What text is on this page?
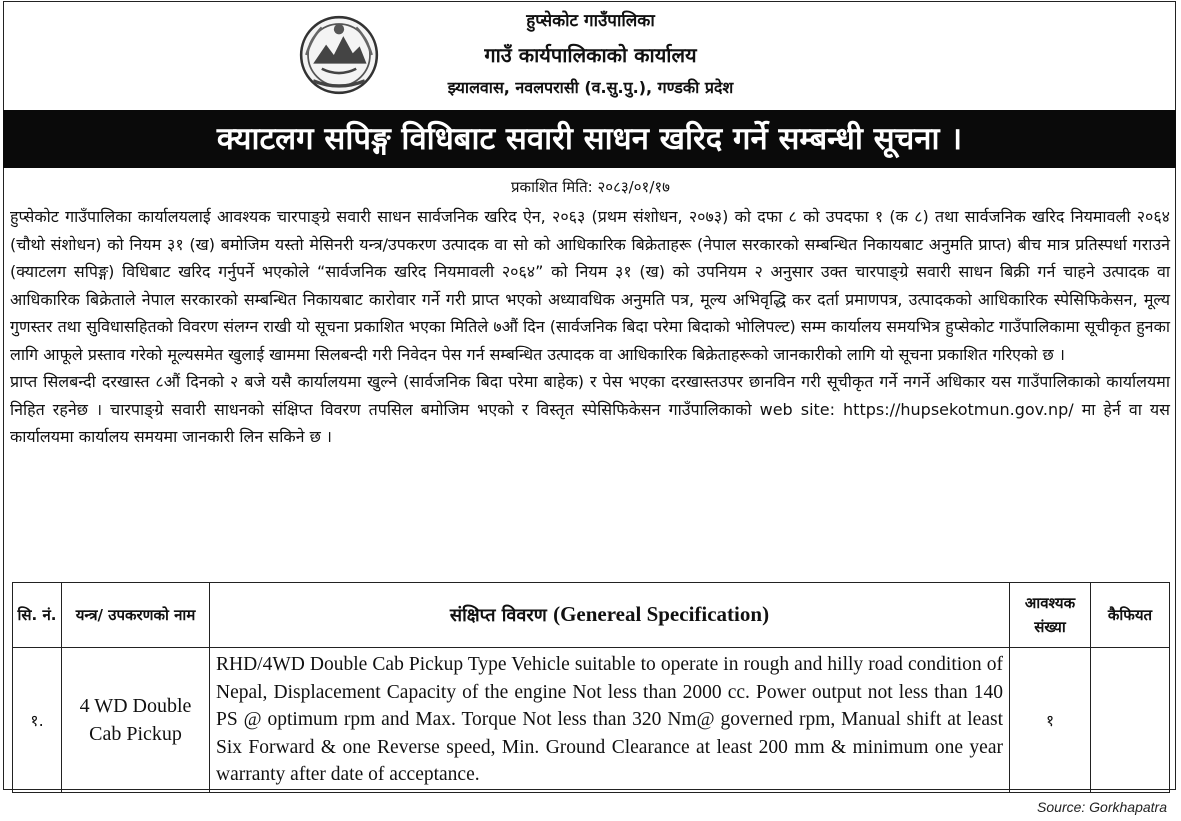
हुप्सेकोट गाउँपालिका
गाउँ कार्यपालिकाको कार्यालय
झ्यालवास, नवलपरासी (व.सु.पु.), गण्डकी प्रदेश
क्याटलग सपिङ्ग विधिबाट सवारी साधन खरिद गर्ने सम्बन्धी सूचना ।
प्रकाशित मिति: २०८३/०१/१७

हुप्सेकोट गाउँपालिका कार्यालयलाई आवश्यक चारपाङ्ग्रे सवारी साधन सार्वजनिक खरिद ऐन, २०६३ (प्रथम संशोधन, २०७३) को दफा ८ को उपदफा १ (क ८) तथा सार्वजनिक खरिद नियमावली २०६४ (चौथो संशोधन) को नियम ३१ (ख) बमोजिम यस्तो मेसिनरी यन्त्र/उपकरण उत्पादक वा सो को आधिकारिक बिक्रेताहरू (नेपाल सरकारको सम्बन्धित निकायबाट अनुमति प्राप्त) बीच मात्र प्रतिस्पर्धा गराउने (क्याटलग सपिङ्ग) विधिबाट खरिद गर्नुपर्ने भएकोले “सार्वजनिक खरिद नियमावली २०६४” को नियम ३१ (ख) को उपनियम २ अनुसार उक्त चारपाङ्ग्रे सवारी साधन बिक्री गर्न चाहने उत्पादक वा आधिकारिक बिक्रेताले नेपाल सरकारको सम्बन्धित निकायबाट कारोवार गर्ने गरी प्राप्त भएको अध्यावधिक अनुमति पत्र, मूल्य अभिवृद्धि कर दर्ता प्रमाणपत्र, उत्पादकको आधिकारिक स्पेसिफिकेसन, मूल्य गुणस्तर तथा सुविधासहितको विवरण संलग्न राखी यो सूचना प्रकाशित भएका मितिले ७औं दिन (सार्वजनिक बिदा परेमा बिदाको भोलिपल्ट) सम्म कार्यालय समयभित्र हुप्सेकोट गाउँपालिकामा सूचीकृत हुनका लागि आफूले प्रस्ताव गरेको मूल्यसमेत खुलाई खाममा सिलबन्दी गरी निवेदन पेस गर्न सम्बन्धित उत्पादक वा आधिकारिक बिक्रेताहरूको जानकारीको लागि यो सूचना प्रकाशित गरिएको छ ।

प्राप्त सिलबन्दी दरखास्त ८औं दिनको २ बजे यसै कार्यालयमा खुल्ने (सार्वजनिक बिदा परेमा बाहेक) र पेस भएका दरखास्तउपर छानविन गरी सूचीकृत गर्ने नगर्ने अधिकार यस गाउँपालिकाको कार्यालयमा निहित रहनेछ । चारपाङ्ग्रे सवारी साधनको संक्षिप्त विवरण तपसिल बमोजिम भएको र विस्तृत स्पेसिफिकेसन गाउँपालिकाको web site: https://hupsekotmun.gov.np/ मा हेर्न वा यस कार्यालयमा कार्यालय समयमा जानकारी लिन सकिने छ ।

सि. नं.	यन्त्र/ उपकरणको नाम	संक्षिप्त विवरण (Genereal Specification)	आवश्यक संख्या	कैफियत
१.	4 WD Double Cab Pickup	RHD/4WD Double Cab Pickup Type Vehicle suitable to operate in rough and hilly road condition of Nepal, Displacement Capacity of the engine Not less than 2000 cc. Power output not less than 140 PS @ optimum rpm and Max. Torque Not less than 320 Nm@ governed rpm, Manual shift at least Six Forward & one Reverse speed, Min. Ground Clearance at least 200 mm & minimum one year warranty after date of acceptance.	१	
Source: Gorkhapatra
